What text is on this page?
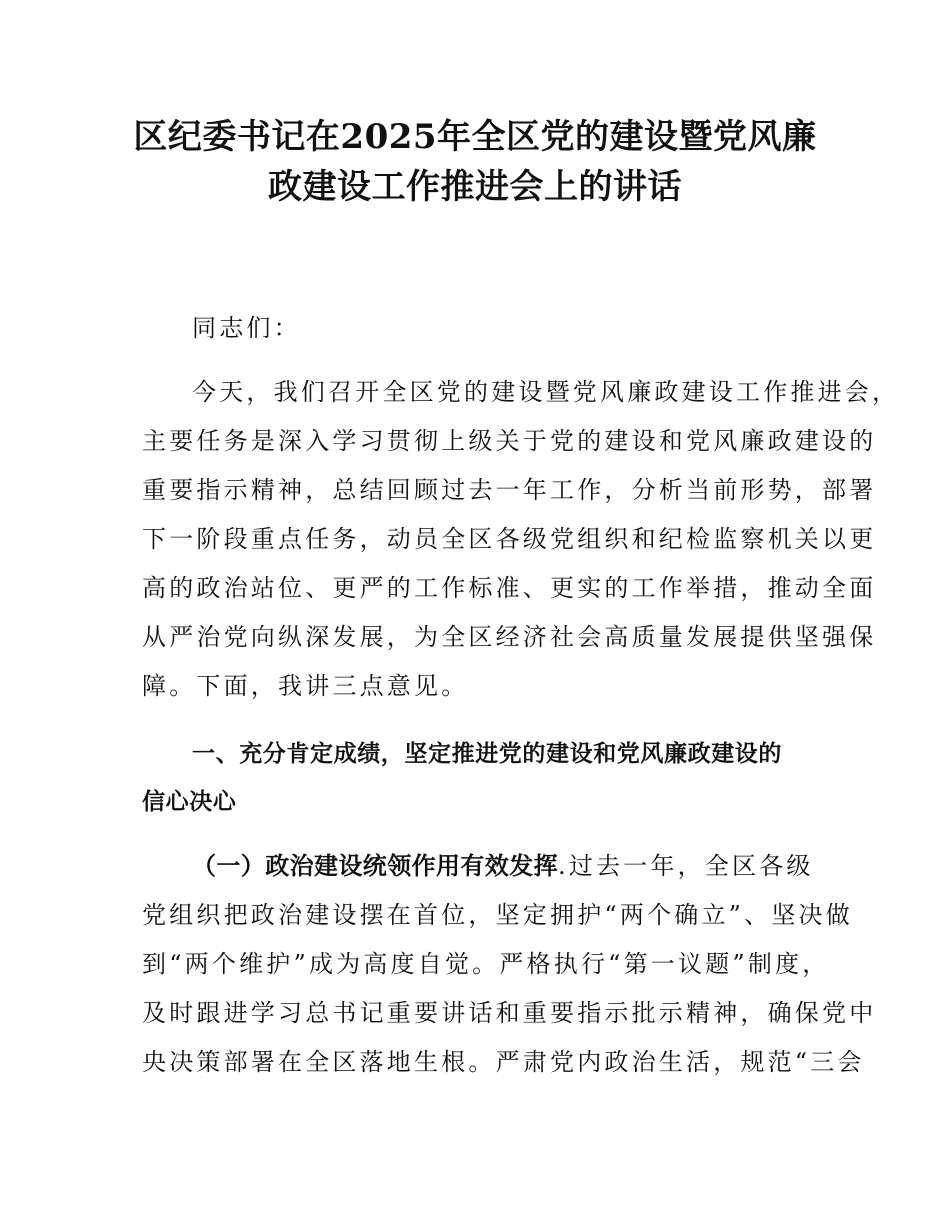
区纪委书记在2025年全区党的建设暨党风廉
政建设工作推进会上的讲话
同志们：
今天，我们召开全区党的建设暨党风廉政建设工作推进会，
主要任务是深入学习贯彻上级关于党的建设和党风廉政建设的
重要指示精神，总结回顾过去一年工作，分析当前形势，部署
下一阶段重点任务，动员全区各级党组织和纪检监察机关以更
高的政治站位、更严的工作标准、更实的工作举措，推动全面
从严治党向纵深发展，为全区经济社会高质量发展提供坚强保
障。下面，我讲三点意见。
一、充分肯定成绩，坚定推进党的建设和党风廉政建设的
信心决心
（一）政治建设统领作用有效发挥.过去一年，全区各级
党组织把政治建设摆在首位，坚定拥护“两个确立”、坚决做
到“两个维护”成为高度自觉。严格执行“第一议题”制度，
及时跟进学习总书记重要讲话和重要指示批示精神，确保党中
央决策部署在全区落地生根。严肃党内政治生活，规范“三会
